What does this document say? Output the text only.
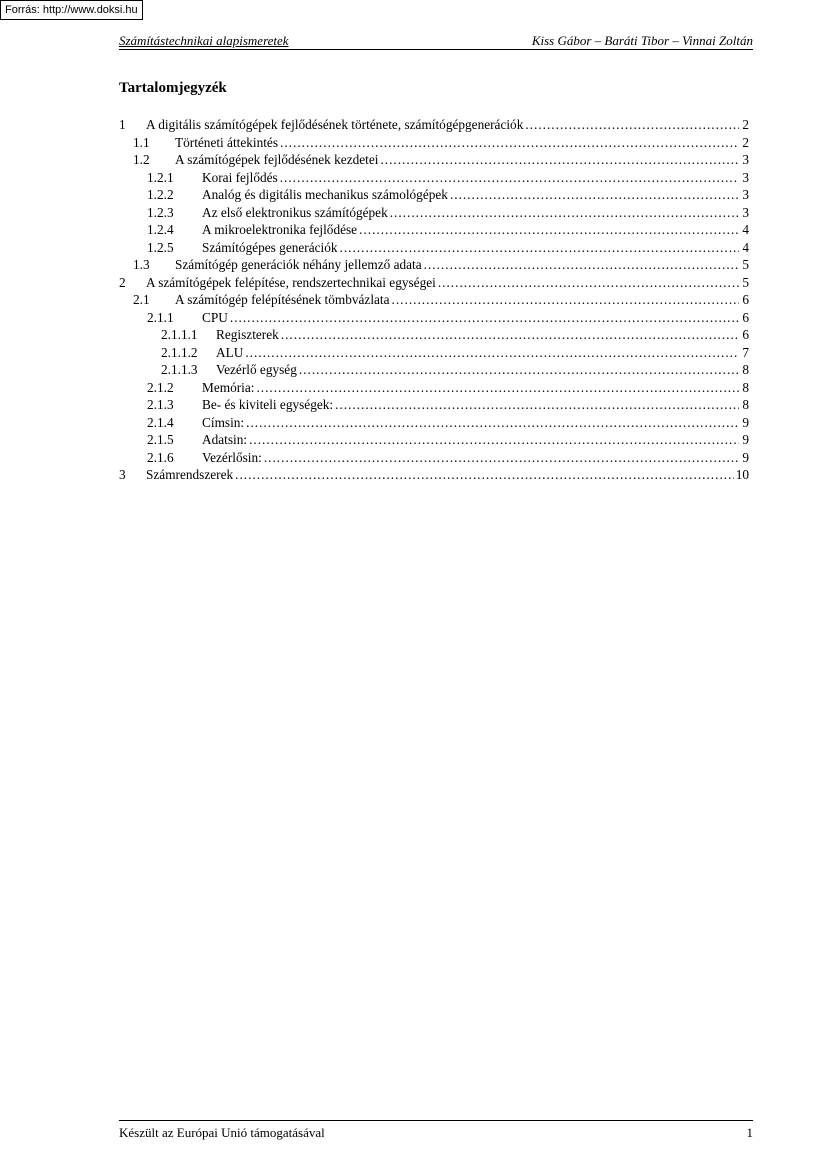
Forrás: http://www.doksi.hu
Számítástechnikai alapismeretek	Kiss Gábor – Baráti Tibor – Vinnai Zoltán
Tartalomjegyzék
1	A digitális számítógépek fejlődésének története, számítógépgenerációk .....	2
1.1	Történeti áttekintés .....	2
1.2	A számítógépek fejlődésének kezdetei .....	3
1.2.1	Korai fejlődés .....	3
1.2.2	Analóg és digitális mechanikus számológépek .....	3
1.2.3	Az első elektronikus számítógépek .....	3
1.2.4	A mikroelektronika fejlődése .....	4
1.2.5	Számítógépes generációk .....	4
1.3	Számítógép generációk néhány jellemző adata .....	5
2	A számítógépek felépítése, rendszertechnikai egységei .....	5
2.1	A számítógép felépítésének tömbvázlata .....	6
2.1.1	CPU .....	6
2.1.1.1	Regiszterek .....	6
2.1.1.2	ALU .....	7
2.1.1.3	Vezérlő egység .....	8
2.1.2	Memória: .....	8
2.1.3	Be- és kiviteli egységek: .....	8
2.1.4	Címsin: .....	9
2.1.5	Adatsin: .....	9
2.1.6	Vezérlősin: .....	9
3	Számrendszerek .....	10
Készült az Európai Unió támogatásával	1
